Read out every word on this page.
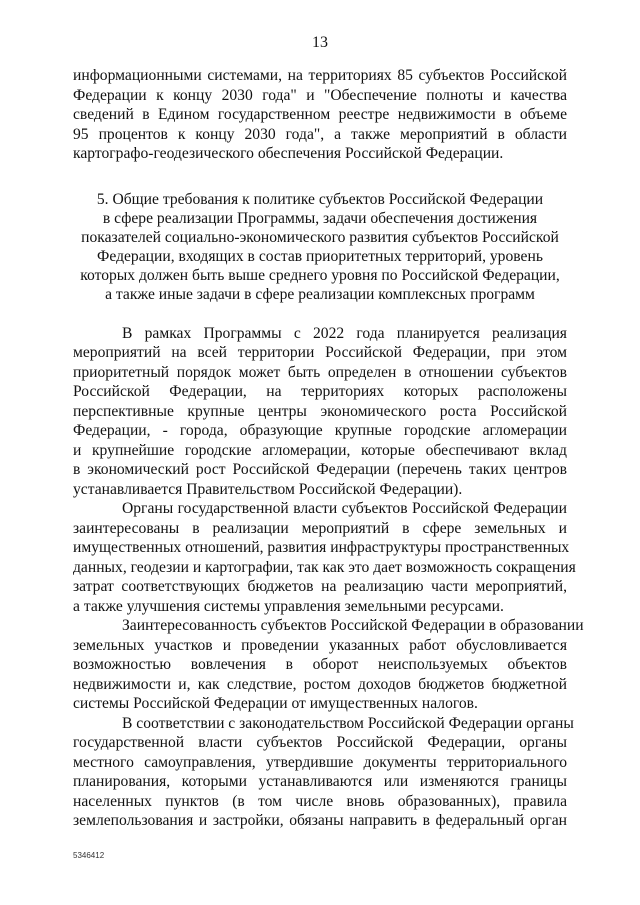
13
информационными системами, на территориях 85 субъектов Российской
Федерации к концу 2030 года" и "Обеспечение полноты и качества
сведений в Едином государственном реестре недвижимости в объеме
95 процентов к концу 2030 года", а также мероприятий в области
картографо-геодезического обеспечения Российской Федерации.
5. Общие требования к политике субъектов Российской Федерации
в сфере реализации Программы, задачи обеспечения достижения
показателей социально-экономического развития субъектов Российской
Федерации, входящих в состав приоритетных территорий, уровень
которых должен быть выше среднего уровня по Российской Федерации,
а также иные задачи в сфере реализации комплексных программ
В рамках Программы с 2022 года планируется реализация
мероприятий на всей территории Российской Федерации, при этом
приоритетный порядок может быть определен в отношении субъектов
Российской Федерации, на территориях которых расположены
перспективные крупные центры экономического роста Российской
Федерации, - города, образующие крупные городские агломерации
и крупнейшие городские агломерации, которые обеспечивают вклад
в экономический рост Российской Федерации (перечень таких центров
устанавливается Правительством Российской Федерации).
Органы государственной власти субъектов Российской Федерации
заинтересованы в реализации мероприятий в сфере земельных и
имущественных отношений, развития инфраструктуры пространственных
данных, геодезии и картографии, так как это дает возможность сокращения
затрат соответствующих бюджетов на реализацию части мероприятий,
а также улучшения системы управления земельными ресурсами.
Заинтересованность субъектов Российской Федерации в образовании
земельных участков и проведении указанных работ обусловливается
возможностью вовлечения в оборот неиспользуемых объектов
недвижимости и, как следствие, ростом доходов бюджетов бюджетной
системы Российской Федерации от имущественных налогов.
В соответствии с законодательством Российской Федерации органы
государственной власти субъектов Российской Федерации, органы
местного самоуправления, утвердившие документы территориального
планирования, которыми устанавливаются или изменяются границы
населенных пунктов (в том числе вновь образованных), правила
землепользования и застройки, обязаны направить в федеральный орган
5346412
